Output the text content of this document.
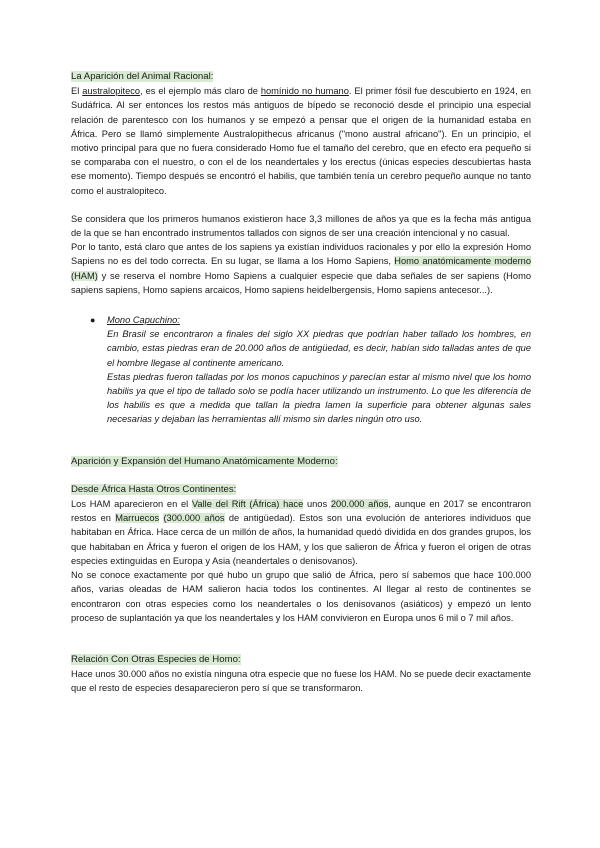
La Aparición del Animal Racional:

El australopiteco, es el ejemplo más claro de homínido no humano. El primer fósil fue descubierto en 1924, en Sudáfrica. Al ser entonces los restos más antiguos de bípedo se reconoció desde el principio una especial relación de parentesco con los humanos y se empezó a pensar que el origen de la humanidad estaba en África. Pero se llamó simplemente Australopithecus africanus ("mono austral africano"). En un principio, el motivo principal para que no fuera considerado Homo fue el tamaño del cerebro, que en efecto era pequeño si se comparaba con el nuestro, o con el de los neandertales y los erectus (únicas especies descubiertas hasta ese momento). Tiempo después se encontró el habilis, que también tenía un cerebro pequeño aunque no tanto como el australopiteco.

Se considera que los primeros humanos existieron hace 3,3 millones de años ya que es la fecha más antigua de la que se han encontrado instrumentos tallados con signos de ser una creación intencional y no casual.

Por lo tanto, está claro que antes de los sapiens ya existían individuos racionales y por ello la expresión Homo Sapiens no es del todo correcta. En su lugar, se llama a los Homo Sapiens, Homo anatómicamente moderno (HAM) y se reserva el nombre Homo Sapiens a cualquier especie que daba señales de ser sapiens (Homo sapiens sapiens, Homo sapiens arcaicos, Homo sapiens heidelbergensis, Homo sapiens antecesor...).

● Mono Capuchino:

En Brasil se encontraron a finales del siglo XX piedras que podrían haber tallado los hombres, en cambio, estas piedras eran de 20.000 años de antigüedad, es decir, habían sido talladas antes de que el hombre llegase al continente americano.

Estas piedras fueron talladas por los monos capuchinos y parecían estar al mismo nivel que los homo habilis ya que el tipo de tallado solo se podía hacer utilizando un instrumento. Lo que les diferencia de los habilis es que a medida que tallan la piedra lamen la superficie para obtener algunas sales necesarias y dejaban las herramientas allí mismo sin darles ningún otro uso.

Aparición y Expansión del Humano Anatómicamente Moderno:

Desde África Hasta Otros Continentes:

Los HAM aparecieron en el Valle del Rift (África) hace unos 200.000 años, aunque en 2017 se encontraron restos en Marruecos (300.000 años de antigüedad). Estos son una evolución de anteriores individuos que habitaban en África. Hace cerca de un millón de años, la humanidad quedó dividida en dos grandes grupos, los que habitaban en África y fueron el origen de los HAM, y los que salieron de África y fueron el origen de otras especies extinguidas en Europa y Asia (neandertales o denisovanos).

No se conoce exactamente por qué hubo un grupo que salió de África, pero sí sabemos que hace 100.000 años, varias oleadas de HAM salieron hacia todos los continentes. Al llegar al resto de continentes se encontraron con otras especies como los neandertales o los denisovanos (asiáticos) y empezó un lento proceso de suplantación ya que los neandertales y los HAM convivieron en Europa unos 6 mil o 7 mil años.

Relación Con Otras Especies de Homo:

Hace unos 30.000 años no existía ninguna otra especie que no fuese los HAM. No se puede decir exactamente que el resto de especies desaparecieron pero sí que se transformaron.
